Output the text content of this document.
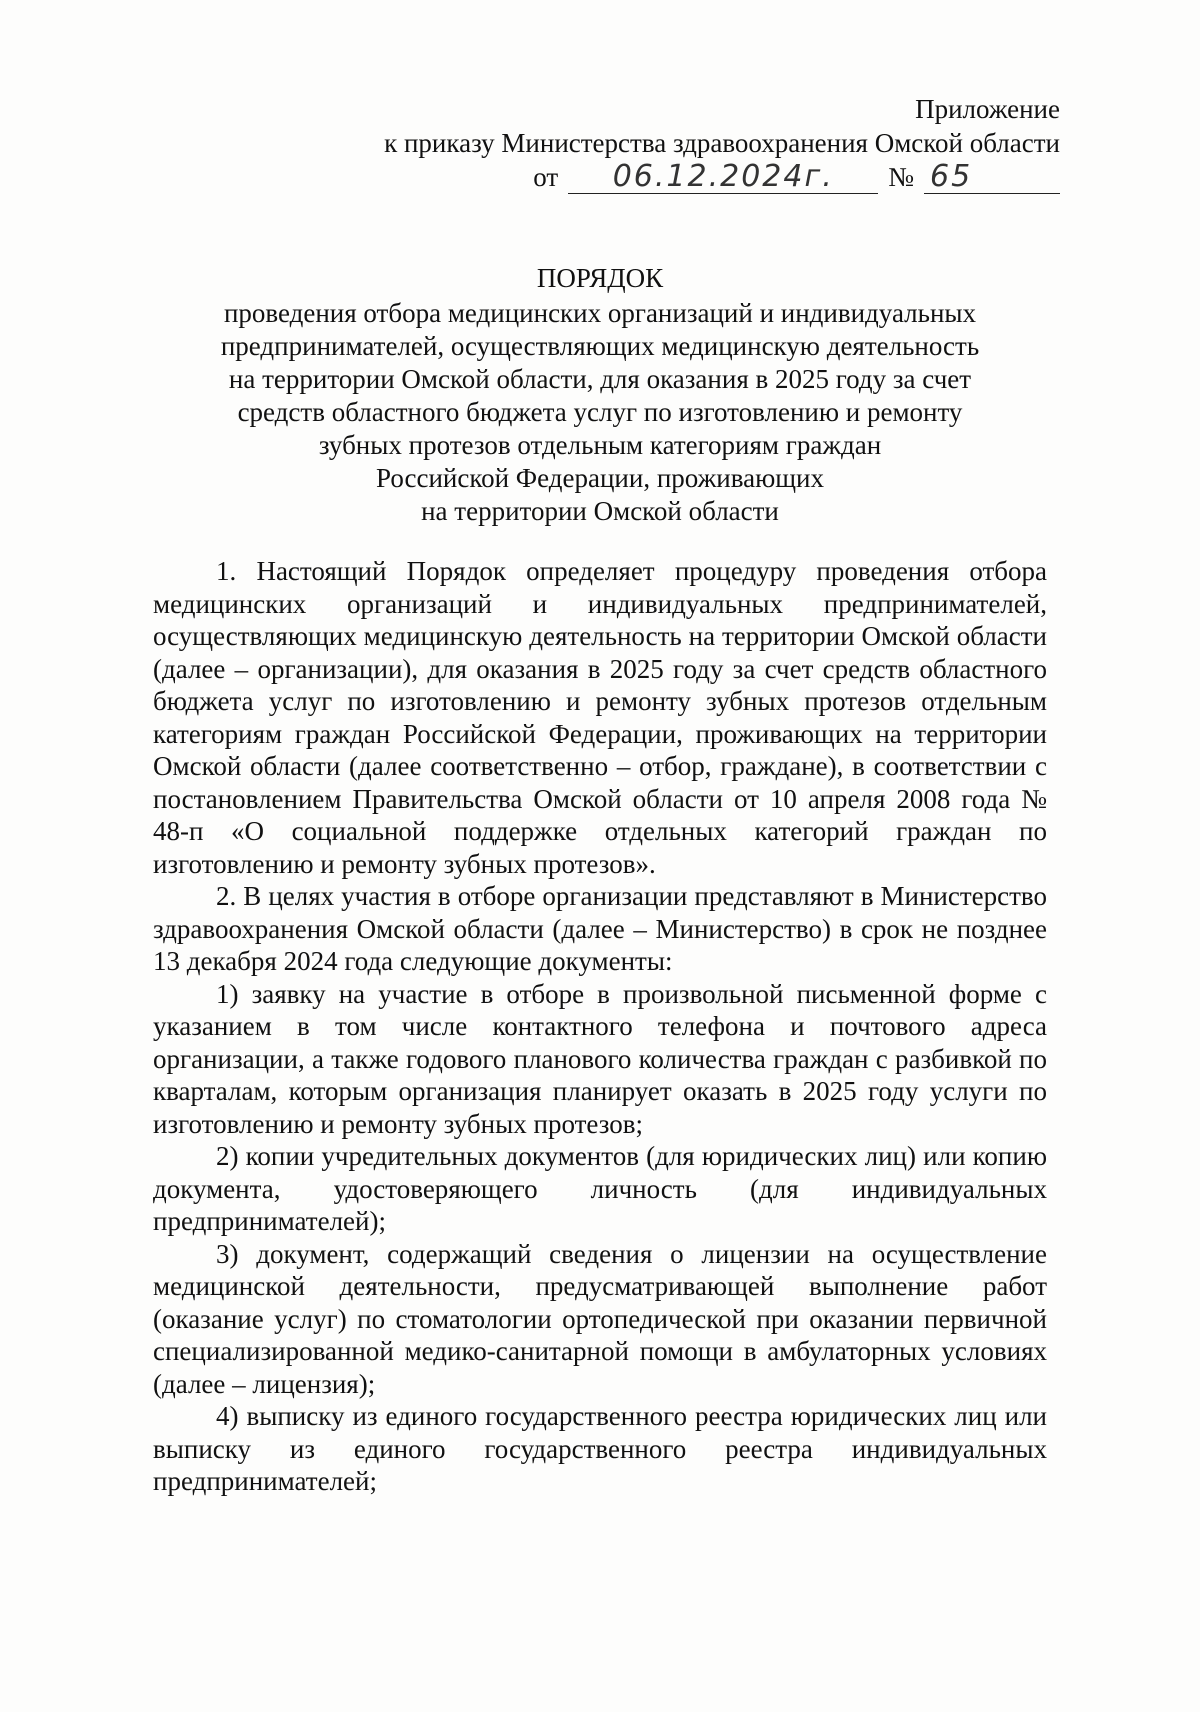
Приложение
к приказу Министерства здравоохранения Омской области
от	06.12.2024г.	№ 65
ПОРЯДОК
проведения отбора медицинских организаций и индивидуальных
предпринимателей, осуществляющих медицинскую деятельность
на территории Омской области, для оказания в 2025 году за счет
средств областного бюджета услуг по изготовлению и ремонту
зубных протезов отдельным категориям граждан
Российской Федерации, проживающих
на территории Омской области

1. Настоящий Порядок определяет процедуру проведения отбора медицинских организаций и индивидуальных предпринимателей, осуществляющих медицинскую деятельность на территории Омской области (далее – организации), для оказания в 2025 году за счет средств областного бюджета услуг по изготовлению и ремонту зубных протезов отдельным категориям граждан Российской Федерации, проживающих на территории Омской области (далее соответственно – отбор, граждане), в соответствии с постановлением Правительства Омской области от 10 апреля 2008 года № 48-п «О социальной поддержке отдельных категорий граждан по изготовлению и ремонту зубных протезов».

2. В целях участия в отборе организации представляют в Министерство здравоохранения Омской области (далее – Министерство) в срок не позднее 13 декабря 2024 года следующие документы:

1) заявку на участие в отборе в произвольной письменной форме с указанием в том числе контактного телефона и почтового адреса организации, а также годового планового количества граждан с разбивкой по кварталам, которым организация планирует оказать в 2025 году услуги по изготовлению и ремонту зубных протезов;

2) копии учредительных документов (для юридических лиц) или копию документа, удостоверяющего личность (для индивидуальных предпринимателей);

3) документ, содержащий сведения о лицензии на осуществление медицинской деятельности, предусматривающей выполнение работ (оказание услуг) по стоматологии ортопедической при оказании первичной специализированной медико-санитарной помощи в амбулаторных условиях (далее – лицензия);

4) выписку из единого государственного реестра юридических лиц или выписку из единого государственного реестра индивидуальных предпринимателей;
